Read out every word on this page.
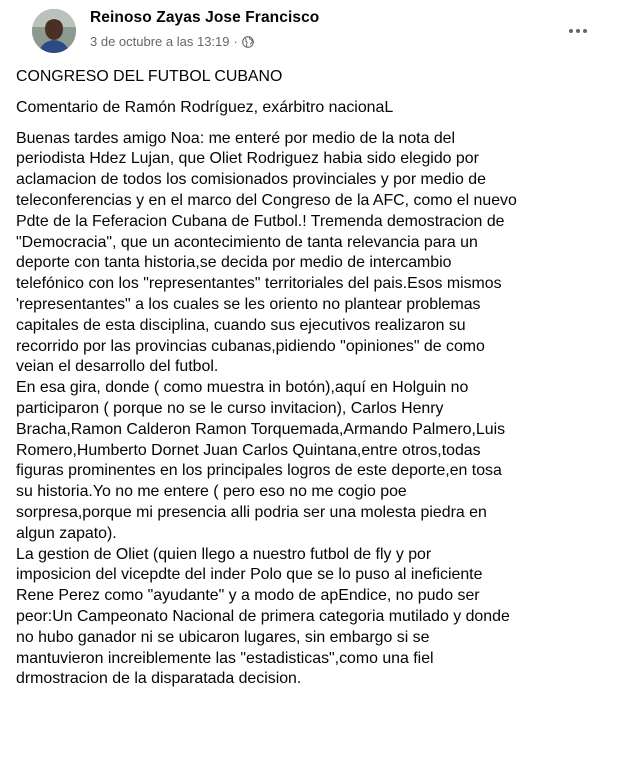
Reinoso Zayas Jose Francisco
3 de octubre a las 13:19 ·
CONGRESO DEL FUTBOL CUBANO
Comentario de Ramón Rodríguez, exárbitro nacionaL
Buenas tardes amigo Noa: me enteré por medio de la nota del
periodista Hdez Lujan, que Oliet Rodriguez habia sido elegido por
aclamacion de todos los comisionados provinciales y por medio de
teleconferencias y en el marco del Congreso de la AFC, como el nuevo
Pdte de la Feferacion Cubana de Futbol.! Tremenda demostracion de
"Democracia", que un acontecimiento de tanta relevancia para un
deporte con tanta historia,se decida por medio de intercambio
telefónico con los "representantes" territoriales del pais.Esos mismos
'representantes" a los cuales se les oriento no plantear problemas
capitales de esta disciplina, cuando sus ejecutivos realizaron su
recorrido por las provincias cubanas,pidiendo "opiniones" de como
veian el desarrollo del futbol.
En esa gira, donde ( como muestra in botón),aquí en Holguin no
participaron ( porque no se le curso invitacion), Carlos Henry
Bracha,Ramon Calderon Ramon Torquemada,Armando Palmero,Luis
Romero,Humberto Dornet Juan Carlos Quintana,entre otros,todas
figuras prominentes en los principales logros de este deporte,en tosa
su historia.Yo no me entere ( pero eso no me cogio poe
sorpresa,porque mi presencia alli podria ser una molesta piedra en
algun zapato).
La gestion de Oliet (quien llego a nuestro futbol de fly y por
imposicion del vicepdte del inder Polo que se lo puso al ineficiente
Rene Perez como "ayudante" y a modo de apEndice, no pudo ser
peor:Un Campeonato Nacional de primera categoria mutilado y donde
no hubo ganador ni se ubicaron lugares, sin embargo si se
mantuvieron increiblemente las "estadisticas",como una fiel
drmostracion de la disparatada decision.
